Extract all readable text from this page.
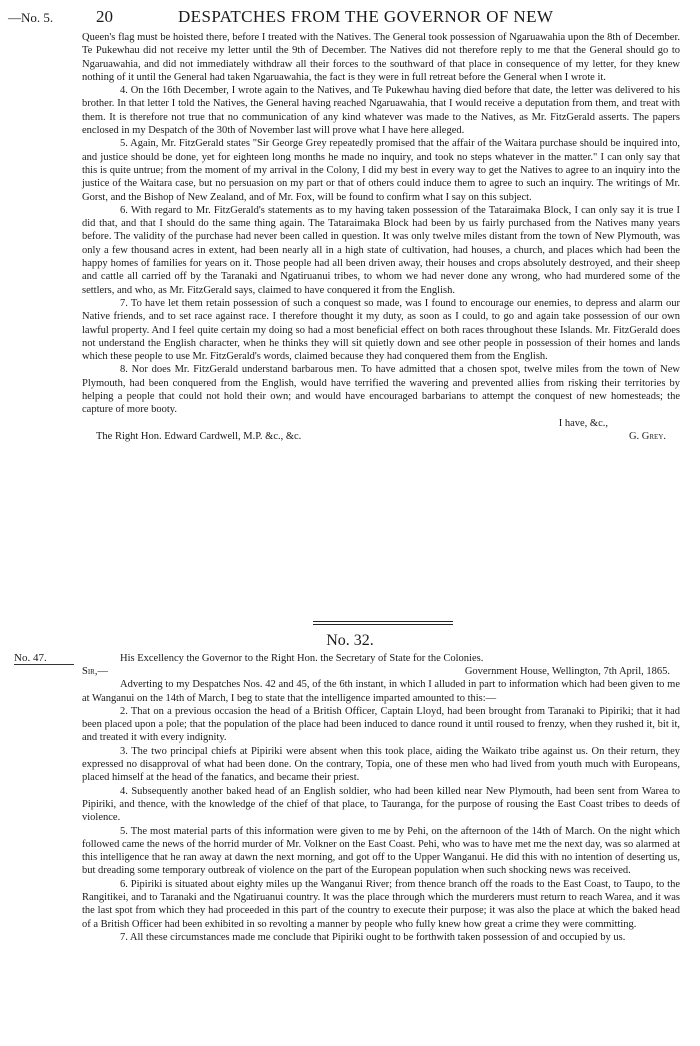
—No. 5.	20	DESPATCHES FROM THE GOVERNOR OF NEW

Queen's flag must be hoisted there, before I treated with the Natives. The General took possession of Ngaruawahia upon the 8th of December. Te Pukewhau did not receive my letter until the 9th of December. The Natives did not therefore reply to me that the General should go to Ngaruawahia, and did not immediately withdraw all their forces to the southward of that place in consequence of my letter, for they knew nothing of it until the General had taken Ngaruawahia, the fact is they were in full retreat before the General when I wrote it.

4. On the 16th December, I wrote again to the Natives, and Te Pukewhau having died before that date, the letter was delivered to his brother. In that letter I told the Natives, the General having reached Ngaruawahia, that I would receive a deputation from them, and treat with them. It is therefore not true that no communication of any kind whatever was made to the Natives, as Mr. FitzGerald asserts. The papers enclosed in my Despatch of the 30th of November last will prove what I have here alleged.

5. Again, Mr. FitzGerald states "Sir George Grey repeatedly promised that the affair of the Waitara purchase should be inquired into, and justice should be done, yet for eighteen long months he made no inquiry, and took no steps whatever in the matter." I can only say that this is quite untrue; from the moment of my arrival in the Colony, I did my best in every way to get the Natives to agree to an inquiry into the justice of the Waitara case, but no persuasion on my part or that of others could induce them to agree to such an inquiry. The writings of Mr. Gorst, and the Bishop of New Zealand, and of Mr. Fox, will be found to confirm what I say on this subject.

6. With regard to Mr. FitzGerald's statements as to my having taken possession of the Tataraimaka Block, I can only say it is true I did that, and that I should do the same thing again. The Tataraimaka Block had been by us fairly purchased from the Natives many years before. The validity of the purchase had never been called in question. It was only twelve miles distant from the town of New Plymouth, was only a few thousand acres in extent, had been nearly all in a high state of cultivation, had houses, a church, and places which had been the happy homes of families for years on it. Those people had all been driven away, their houses and crops absolutely destroyed, and their sheep and cattle all carried off by the Taranaki and Ngatiruanui tribes, to whom we had never done any wrong, who had murdered some of the settlers, and who, as Mr. FitzGerald says, claimed to have conquered it from the English.

7. To have let them retain possession of such a conquest so made, was I found to encourage our enemies, to depress and alarm our Native friends, and to set race against race. I therefore thought it my duty, as soon as I could, to go and again take possession of our own lawful property. And I feel quite certain my doing so had a most beneficial effect on both races throughout these Islands. Mr. FitzGerald does not understand the English character, when he thinks they will sit quietly down and see other people in possession of their homes and lands which these people to use Mr. FitzGerald's words, claimed because they had conquered them from the English.

8. Nor does Mr. FitzGerald understand barbarous men. To have admitted that a chosen spot, twelve miles from the town of New Plymouth, had been conquered from the English, would have terrified the wavering and prevented allies from risking their territories by helping a people that could not hold their own; and would have encouraged barbarians to attempt the conquest of new homesteads; the capture of more booty.

I have, &c.,
The Right Hon. Edward Cardwell, M.P. &c., &c.	G. Grey.
No. 32.
No. 47.	His Excellency the Governor to the Right Hon. the Secretary of State for the Colonies.

Sir,—	Government House, Wellington, 7th April, 1865.

Adverting to my Despatches Nos. 42 and 45, of the 6th instant, in which I alluded in part to information which had been given to me at Wanganui on the 14th of March, I beg to state that the intelligence imparted amounted to this:—

2. That on a previous occasion the head of a British Officer, Captain Lloyd, had been brought from Taranaki to Pipiriki; that it had been placed upon a pole; that the population of the place had been induced to dance round it until roused to frenzy, when they rushed it, bit it, and treated it with every indignity.

3. The two principal chiefs at Pipiriki were absent when this took place, aiding the Waikato tribe against us. On their return, they expressed no disapproval of what had been done. On the contrary, Topia, one of these men who had lived from youth much with Europeans, placed himself at the head of the fanatics, and became their priest.

4. Subsequently another baked head of an English soldier, who had been killed near New Plymouth, had been sent from Warea to Pipiriki, and thence, with the knowledge of the chief of that place, to Tauranga, for the purpose of rousing the East Coast tribes to deeds of violence.

5. The most material parts of this information were given to me by Pehi, on the afternoon of the 14th of March. On the night which followed came the news of the horrid murder of Mr. Volkner on the East Coast. Pehi, who was to have met me the next day, was so alarmed at this intelligence that he ran away at dawn the next morning, and got off to the Upper Wanganui. He did this with no intention of deserting us, but dreading some temporary outbreak of violence on the part of the European population when such shocking news was received.

6. Pipiriki is situated about eighty miles up the Wanganui River; from thence branch off the roads to the East Coast, to Taupo, to the Rangitikei, and to Taranaki and the Ngatiruanui country. It was the place through which the murderers must return to reach Warea, and it was the last spot from which they had proceeded in this part of the country to execute their purpose; it was also the place at which the baked head of a British Officer had been exhibited in so revolting a manner by people who fully knew how great a crime they were committing.

7. All these circumstances made me conclude that Pipiriki ought to be forthwith taken possession of and occupied by us.
